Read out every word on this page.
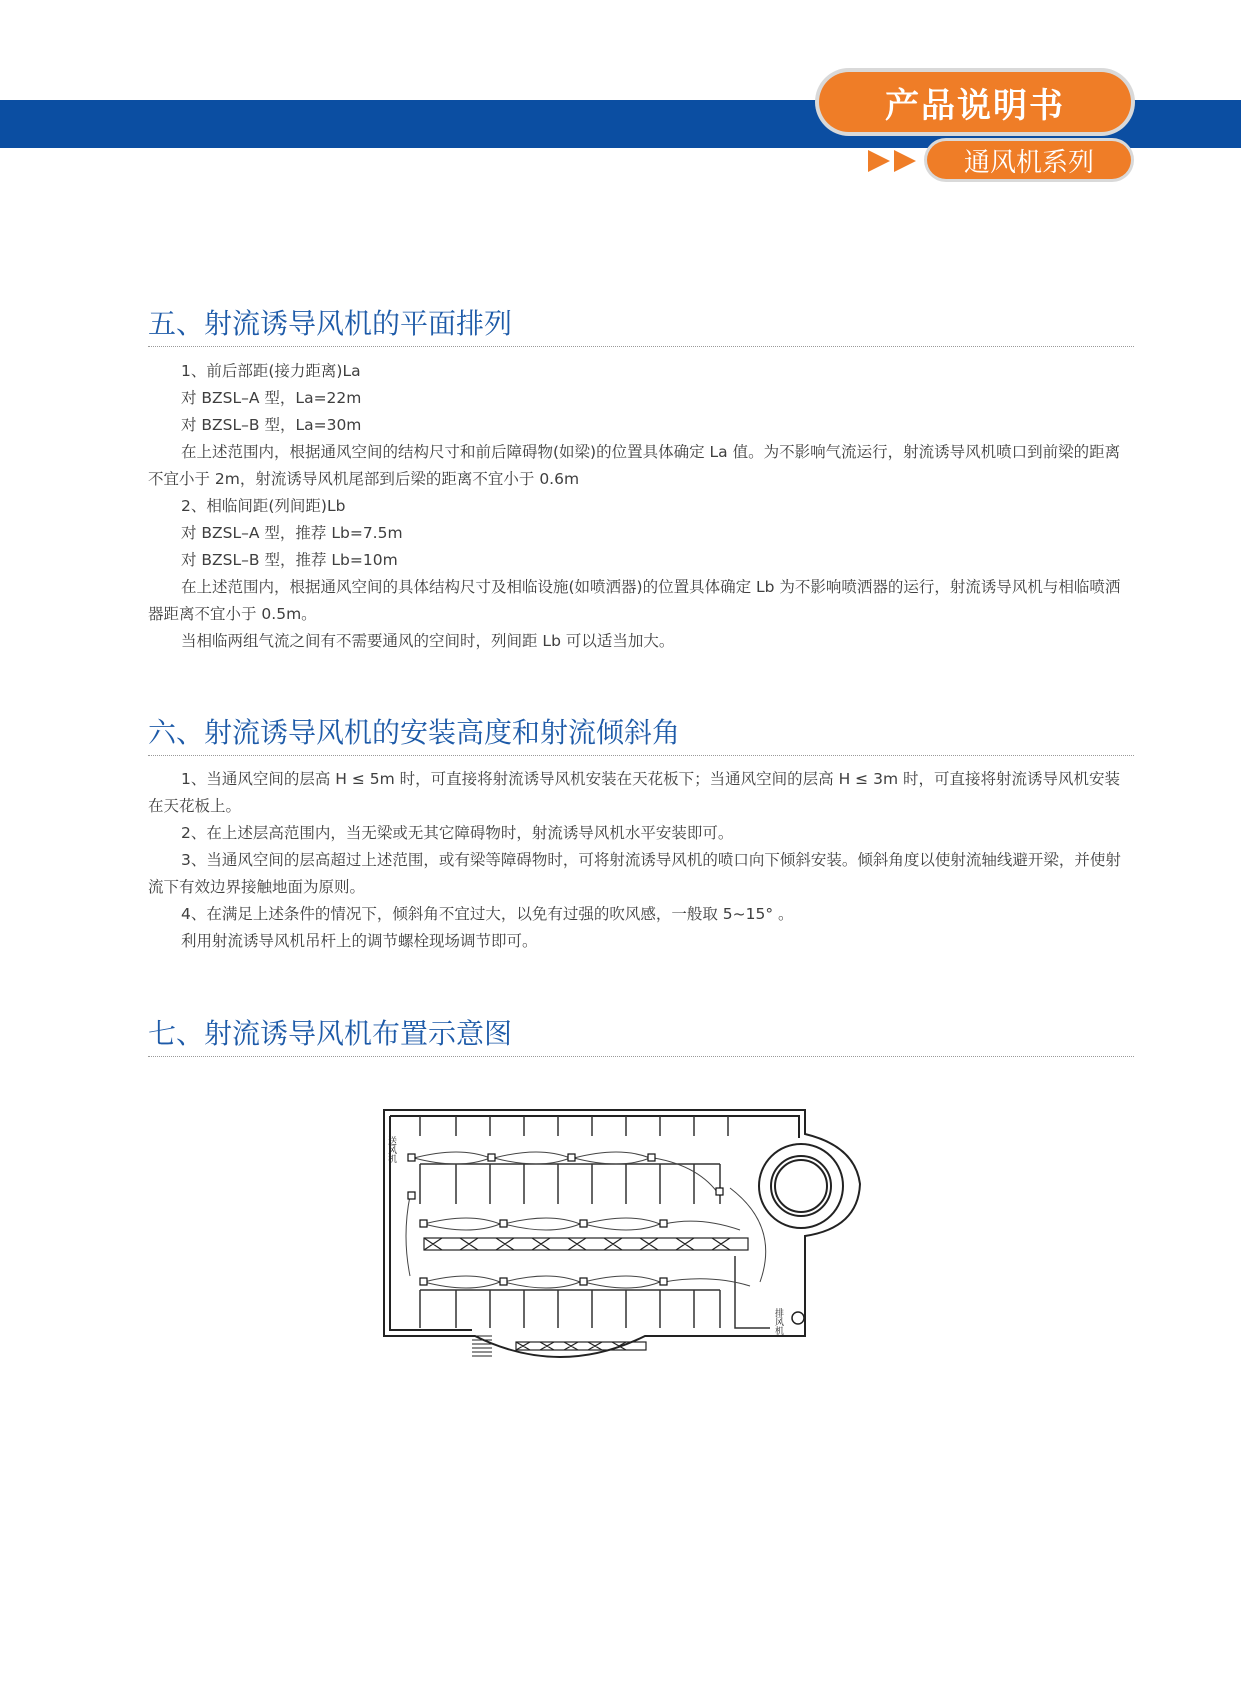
产品说明书
通风机系列
五、射流诱导风机的平面排列

1、前后部距(接力距离)La

对 BZSL–A 型，La=22m

对 BZSL–B 型，La=30m

在上述范围内，根据通风空间的结构尺寸和前后障碍物(如梁)的位置具体确定 La 值。为不影响气流运行，射流诱导风机喷口到前梁的距离不宜小于 2m，射流诱导风机尾部到后梁的距离不宜小于 0.6m

2、相临间距(列间距)Lb

对 BZSL–A 型，推荐 Lb=7.5m

对 BZSL–B 型，推荐 Lb=10m

在上述范围内，根据通风空间的具体结构尺寸及相临设施(如喷洒器)的位置具体确定 Lb 为不影响喷洒器的运行，射流诱导风机与相临喷洒器距离不宜小于 0.5m。

当相临两组气流之间有不需要通风的空间时，列间距 Lb 可以适当加大。

六、射流诱导风机的安装高度和射流倾斜角

1、当通风空间的层高 H ≤ 5m 时，可直接将射流诱导风机安装在天花板下；当通风空间的层高 H ≤ 3m 时，可直接将射流诱导风机安装在天花板上。

2、在上述层高范围内，当无梁或无其它障碍物时，射流诱导风机水平安装即可。

3、当通风空间的层高超过上述范围，或有梁等障碍物时，可将射流诱导风机的喷口向下倾斜安装。倾斜角度以使射流轴线避开梁，并使射流下有效边界接触地面为原则。

4、在满足上述条件的情况下，倾斜角不宜过大，以免有过强的吹风感，一般取 5~15° 。

利用射流诱导风机吊杆上的调节螺栓现场调节即可。

七、射流诱导风机布置示意图
送风机
排风机
